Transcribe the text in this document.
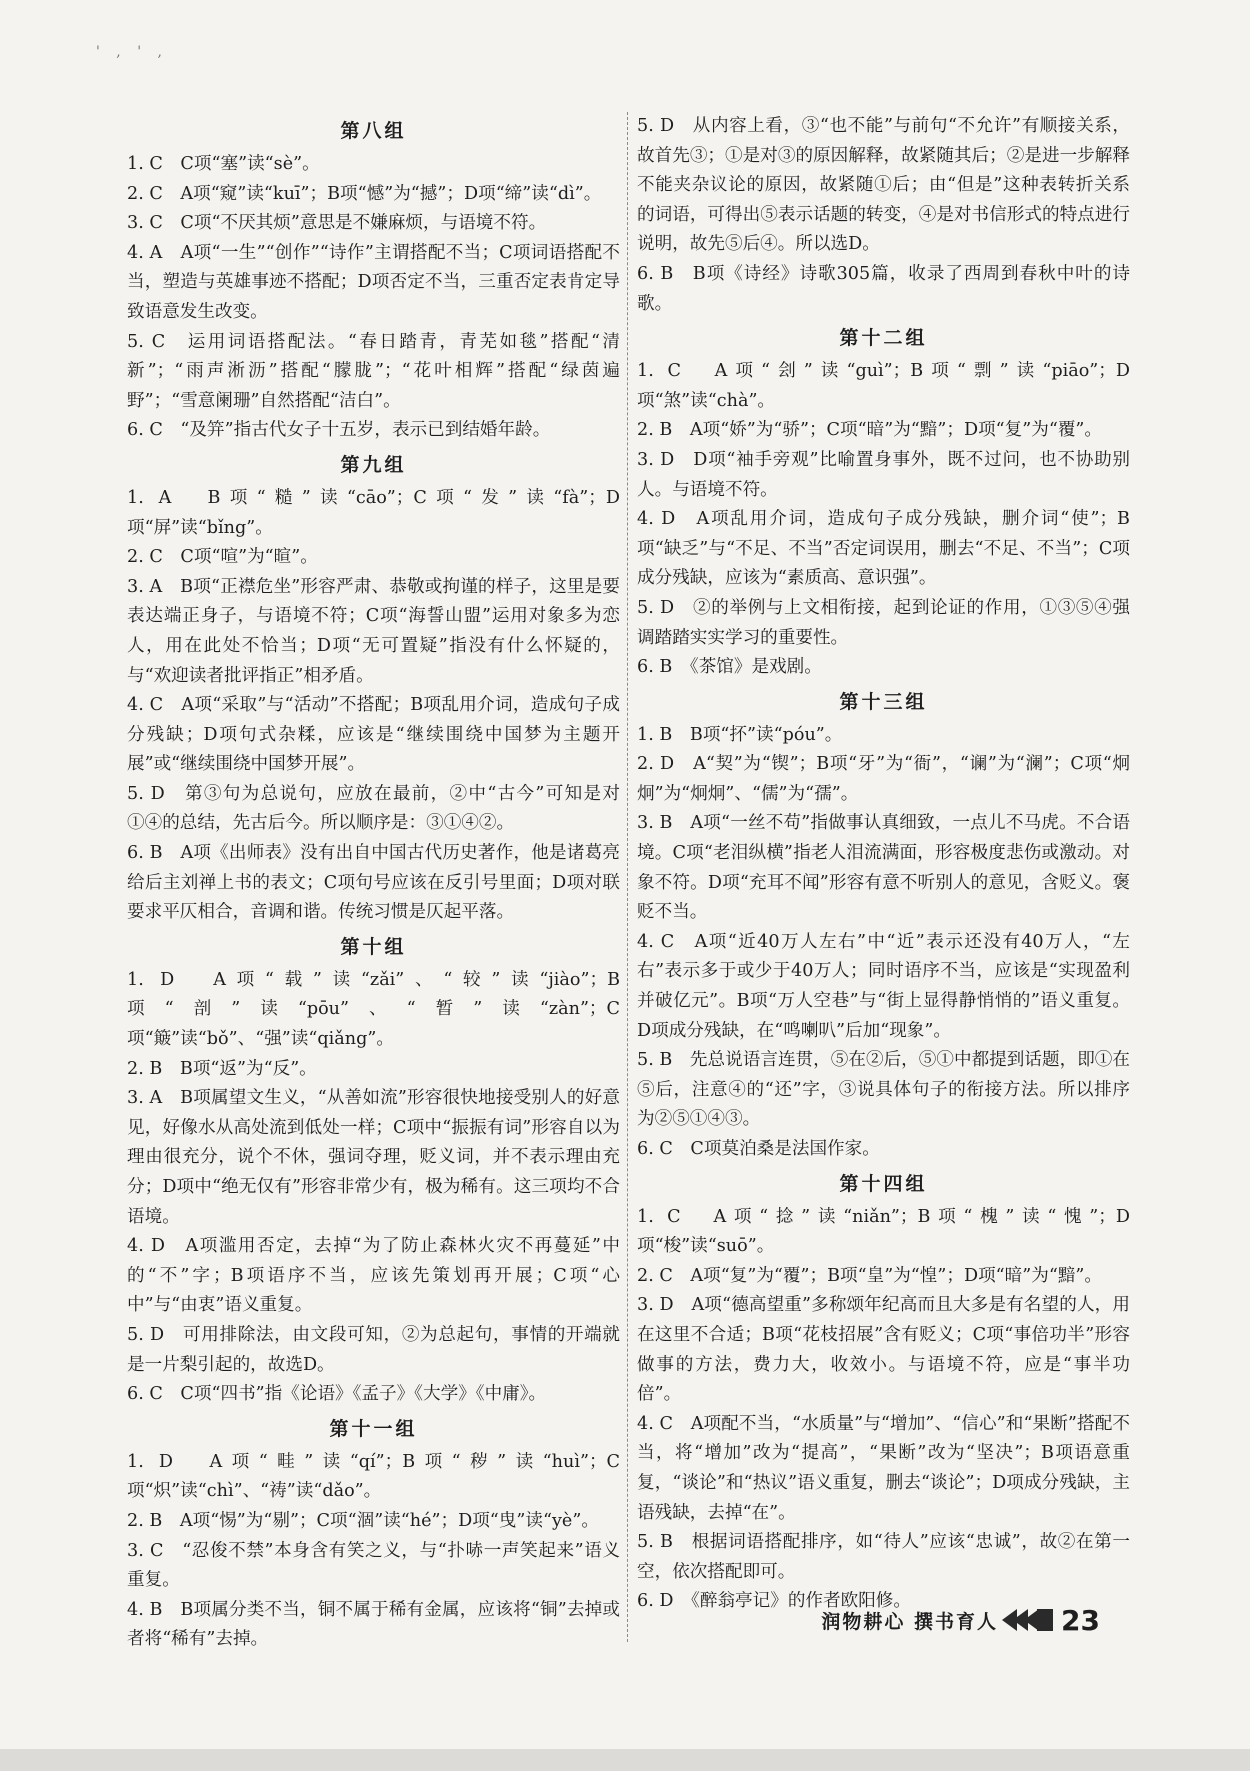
' , ' ,
第八组

1. C　C项“塞”读“sè”。

2. C　A项“窥”读“kuī”；B项“憾”为“撼”；D项“缔”读“dì”。

3. C　C项“不厌其烦”意思是不嫌麻烦，与语境不符。

4. A　A项“一生”“创作”“诗作”主谓搭配不当；C项词语搭配不当，塑造与英雄事迹不搭配；D项否定不当，三重否定表肯定导致语意发生改变。

5. C　运用词语搭配法。“春日踏青，青芜如毯”搭配“清新”；“雨声淅沥”搭配“朦胧”；“花叶相辉”搭配“绿茵遍野”；“雪意阑珊”自然搭配“洁白”。

6. C　“及笄”指古代女子十五岁，表示已到结婚年龄。

第九组

1. A　B项“糙”读“cāo”；C项“发”读“fà”；D项“屏”读“bǐng”。

2. C　C项“喧”为“暄”。

3. A　B项“正襟危坐”形容严肃、恭敬或拘谨的样子，这里是要表达端正身子，与语境不符；C项“海誓山盟”运用对象多为恋人，用在此处不恰当；D项“无可置疑”指没有什么怀疑的，与“欢迎读者批评指正”相矛盾。

4. C　A项“采取”与“活动”不搭配；B项乱用介词，造成句子成分残缺；D项句式杂糅，应该是“继续围绕中国梦为主题开展”或“继续围绕中国梦开展”。

5. D　第③句为总说句，应放在最前，②中“古今”可知是对①④的总结，先古后今。所以顺序是：③①④②。

6. B　A项《出师表》没有出自中国古代历史著作，他是诸葛亮给后主刘禅上书的表文；C项句号应该在反引号里面；D项对联要求平仄相合，音调和谐。传统习惯是仄起平落。

第十组

1. D　A项“载”读“zǎi”、“较”读“jiào”；B项“剖”读“pōu”、“暂”读“zàn”；C项“簸”读“bǒ”、“强”读“qiǎng”。

2. B　B项“返”为“反”。

3. A　B项属望文生义，“从善如流”形容很快地接受别人的好意见，好像水从高处流到低处一样；C项中“振振有词”形容自以为理由很充分，说个不休，强词夺理，贬义词，并不表示理由充分；D项中“绝无仅有”形容非常少有，极为稀有。这三项均不合语境。

4. D　A项滥用否定，去掉“为了防止森林火灾不再蔓延”中的“不”字；B项语序不当，应该先策划再开展；C项“心中”与“由衷”语义重复。

5. D　可用排除法，由文段可知，②为总起句，事情的开端就是一片梨引起的，故选D。

6. C　C项“四书”指《论语》《孟子》《大学》《中庸》。

第十一组

1. D　A项“畦”读“qí”；B项“秽”读“huì”；C项“炽”读“chì”、“祷”读“dǎo”。

2. B　A项“惕”为“剔”；C项“涸”读“hé”；D项“曳”读“yè”。

3. C　“忍俊不禁”本身含有笑之义，与“扑哧一声笑起来”语义重复。

4. B　B项属分类不当，铜不属于稀有金属，应该将“铜”去掉或者将“稀有”去掉。

5. D　从内容上看，③“也不能”与前句“不允许”有顺接关系，故首先③；①是对③的原因解释，故紧随其后；②是进一步解释不能夹杂议论的原因，故紧随①后；由“但是”这种表转折关系的词语，可得出⑤表示话题的转变，④是对书信形式的特点进行说明，故先⑤后④。所以选D。

6. B　B项《诗经》诗歌305篇，收录了西周到春秋中叶的诗歌。

第十二组

1. C　A项“刽”读“guì”；B项“剽”读“piāo”；D项“煞”读“chà”。

2. B　A项“娇”为“骄”；C项“暗”为“黯”；D项“复”为“覆”。

3. D　D项“袖手旁观”比喻置身事外，既不过问，也不协助别人。与语境不符。

4. D　A项乱用介词，造成句子成分残缺，删介词“使”；B项“缺乏”与“不足、不当”否定词误用，删去“不足、不当”；C项成分残缺，应该为“素质高、意识强”。

5. D　②的举例与上文相衔接，起到论证的作用，①③⑤④强调踏踏实实学习的重要性。

6. B　《茶馆》是戏剧。

第十三组

1. B　B项“抔”读“póu”。

2. D　A“契”为“锲”；B项“牙”为“衙”，“谰”为“澜”；C项“炯炯”为“炯炯”、“儒”为“孺”。

3. B　A项“一丝不苟”指做事认真细致，一点儿不马虎。不合语境。C项“老泪纵横”指老人泪流满面，形容极度悲伤或激动。对象不符。D项“充耳不闻”形容有意不听别人的意见，含贬义。褒贬不当。

4. C　A项“近40万人左右”中“近”表示还没有40万人，“左右”表示多于或少于40万人；同时语序不当，应该是“实现盈利并破亿元”。B项“万人空巷”与“街上显得静悄悄的”语义重复。D项成分残缺，在“鸣喇叭”后加“现象”。

5. B　先总说语言连贯，⑤在②后，⑤①中都提到话题，即①在⑤后，注意④的“还”字，③说具体句子的衔接方法。所以排序为②⑤①④③。

6. C　C项莫泊桑是法国作家。

第十四组

1. C　A项“捻”读“niǎn”；B项“槐”读“愧”；D项“梭”读“suō”。

2. C　A项“复”为“覆”；B项“皇”为“惶”；D项“暗”为“黯”。

3. D　A项“德高望重”多称颂年纪高而且大多是有名望的人，用在这里不合适；B项“花枝招展”含有贬义；C项“事倍功半”形容做事的方法，费力大，收效小。与语境不符，应是“事半功倍”。

4. C　A项配不当，“水质量”与“增加”、“信心”和“果断”搭配不当，将“增加”改为“提高”，“果断”改为“坚决”；B项语意重复，“谈论”和“热议”语义重复，删去“谈论”；D项成分残缺，主语残缺，去掉“在”。

5. B　根据词语搭配排序，如“待人”应该“忠诚”，故②在第一空，依次搭配即可。

6. D　《醉翁亭记》的作者欧阳修。

润物耕心 撰书育人 23
